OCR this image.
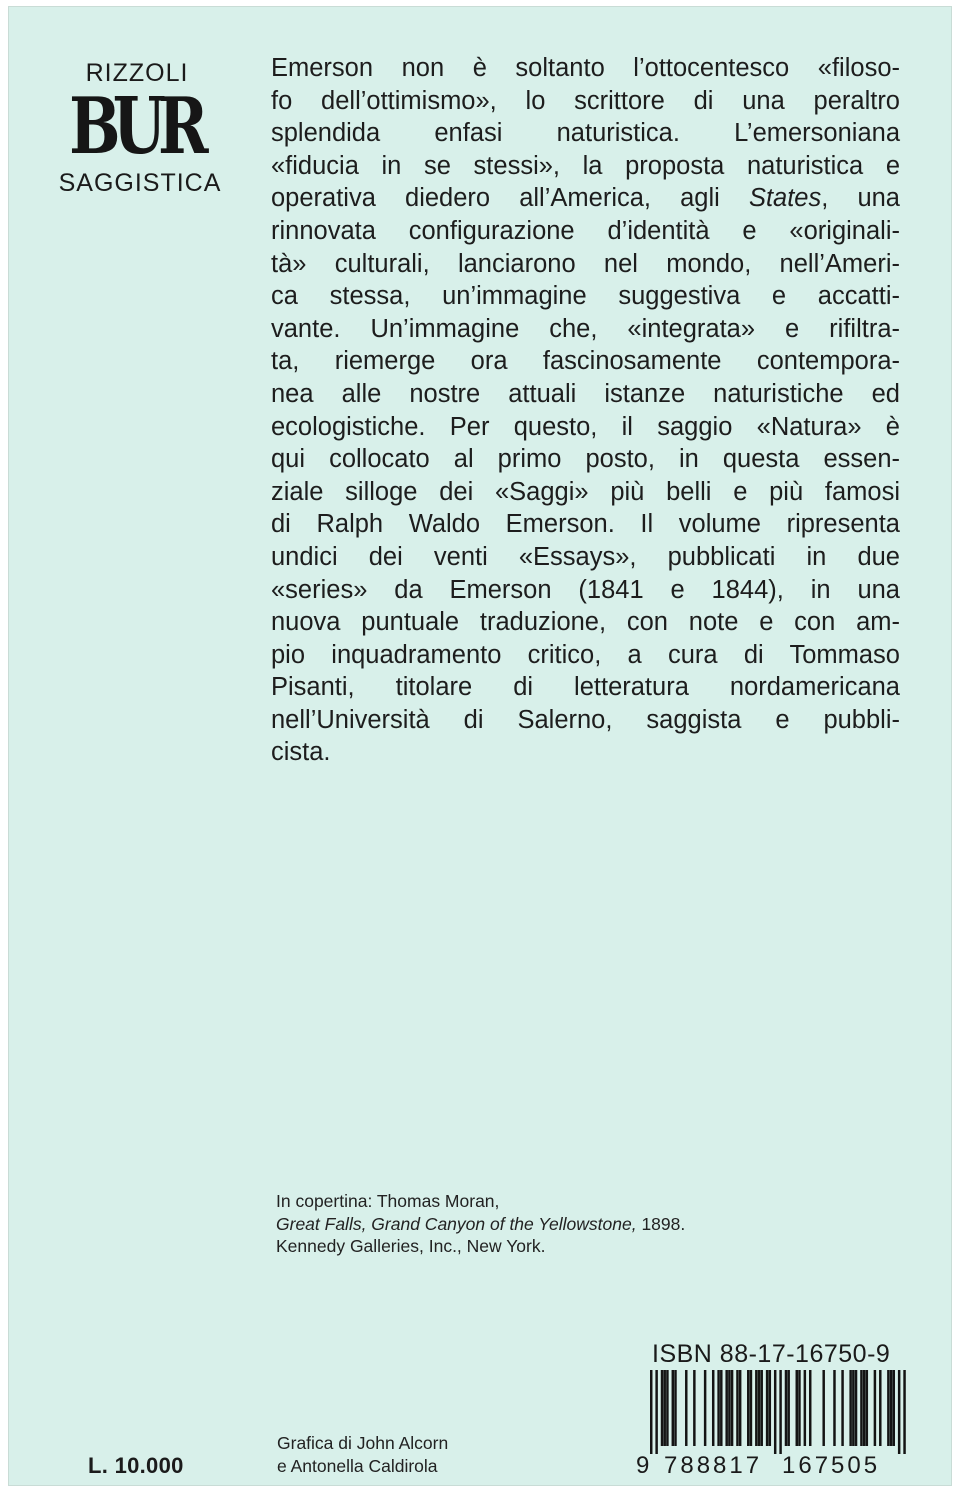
RIZZOLI
BUR
SAGGISTICA
Emerson non è soltanto l’ottocentesco «filoso-
fo dell’ottimismo», lo scrittore di una peraltro
splendida enfasi naturistica. L’emersoniana
«fiducia in se stessi», la proposta naturistica e
operativa diedero all’America, agli States, una
rinnovata configurazione d’identità e «originali-
tà» culturali, lanciarono nel mondo, nell’Ameri-
ca stessa, un’immagine suggestiva e accatti-
vante. Un’immagine che, «integrata» e rifiltra-
ta, riemerge ora fascinosamente contempora-
nea alle nostre attuali istanze naturistiche ed
ecologistiche. Per questo, il saggio «Natura» è
qui collocato al primo posto, in questa essen-
ziale silloge dei «Saggi» più belli e più famosi
di Ralph Waldo Emerson. Il volume ripresenta
undici dei venti «Essays», pubblicati in due
«series» da Emerson (1841 e 1844), in una
nuova puntuale traduzione, con note e con am-
pio inquadramento critico, a cura di Tommaso
Pisanti, titolare di letteratura nordamericana
nell’Università di Salerno, saggista e pubbli-
cista.
In copertina: Thomas Moran,
Great Falls, Grand Canyon of the Yellowstone, 1898.
Kennedy Galleries, Inc., New York.
ISBN 88-17-16750-9
9 788817 167505
L. 10.000
Grafica di John Alcorn
e Antonella Caldirola
